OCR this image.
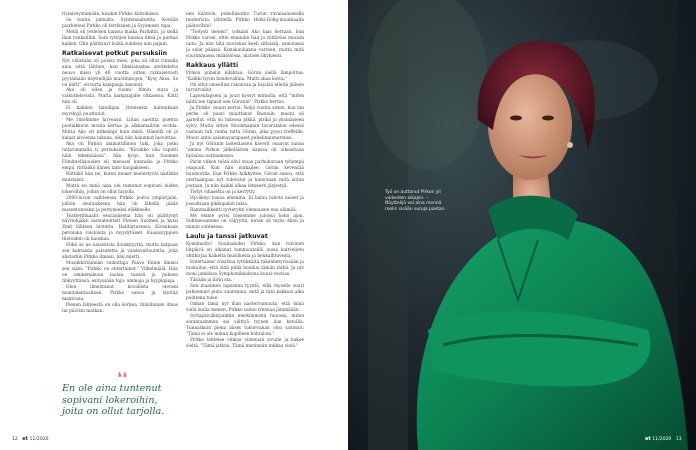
riviniveystämään, kioskin Pirkko kiittokiissa.

Se tuntui jalmalta, Syntemaatnelta. Kevään piarhetiesi Pirkko oli fertikseen ja Syysmesti tupa.

Mellä oli yetieisen kanssa maika Paribitin, ja siellä ihan ronkailliin. Sain tyttöjen kanssa itkeä ja purkaa kaiken. Olin päättänyt lisätä suhdeni niin pajuin.

Ratkaisevat potkut persuksiin

Nyt välistään oli poissa mies, joka oli ollut rinnalla aina sittä lähtien, kun filmitanssina aloittelelva neuvo missi yli 40 vuotta sitten ratkaisevasti pyytämään näytteilijää muotinatojen. "Kysy Aksa. Se on kiitti", oli turta kampaaja sanonut.

Ako oli ollen ja tuomi- filmin stara ja vaikuttelevista. Mutta kampaajalle olikaessa. Kiitti hän oli.

Ei kahden taitellijan yhteisesta kuitenkaan myrskyjä puuttunut.

Me riitelimme hirveästi. Liitan saetitta puettin poetaikkoon monta kertaa ja alkkamailitin avohla. Mutta Ako oli nitkeänpi kuin minä. Hänellä oli ja kaiust aivoensa takana, eikä hän halunnut luovuttaa.

Ako oli Pirkon ammattillinen tuki, joka potki taitavimmalla ti persuksiin. "Kirsikko olla tuputti näin tekemäänsä", hän kysyi, kun Suomen Filmiteollisuuden oli menossi kunnolla ja Pirkko empii, riittääkö hänen taito kaupakseen.

Riittäkö hän ne, kuten monet menestyvät näitäkin muistaisit.

Mutta en minä aina ole tuntenut sopivani niiden lokeroihin, joihin on ollut tarjolla.

2000-luvun vaihteessa Pirkko joutui ympärijään, jolloin seurauksena hän oli lähellä jäädä masentuneeksi ja pettyneeksi eläkkeelle.

Teatterifinaalit seurauksena hän oli päättynyt näyttelijäksi lasteateatteri Pienen Suomen ja kutsi Zmit lähteen luotettu. Halitartaressa, Kivenkaan persuana roistoista ja myydytäiset. Kasaisyyppien tiletoiden oli hauskaa.

Elikä se ne naisistista iloinkityyttä, mutta kalpaan sen kahtaista palautetta ja vaistovaltuutetta, joita ahstarkin Pirkko ilmaisi, hän mietti.

Musiikkiriäinnän vaikuttaja Paavo Ennie ilmaisi sen siäm: "Pirkko on entertainer." Vilhelmiälä. Hän on ominemikuun laulan, tanssii ja pukeen tinkyyttänsä, esityssään tuja- ammoja ja hyypkpiaja.

Olen ilmentanut kovallista olevani monitalentaalinen. Pirkko sanoo ja täyttää mantrana.

Pienen lähteestä on olla korkea, tiilisilinnan ilmas tai päiväni matkan.

❛❛
En ole aina tuntenut sopivani lokeroihin, joita on ollut tarjolla.

nen käätoon, puhelinsoitto Turun ravaisalaissella teatterista, lähtiellä Pirkko Helki-Dollg-muatkaalin päätoviltin?

"Tietysti menen", totkaisi Ako taas kertaan, kun Pirkko varoei, ettei enainäin hän ja riittäväsi nuoisin taito. Ja niin tätä nuorekas keeli siltoissä, samolassa ja sulat päässä. Kimakauhanna varteen, mutta mitä suurimmassa määtelössa, matoen ilkykiessi.

Rakkaus yllätti

Pirkon puhelin kilahtaa. Göran siellä lämpöttaa: "Kaikki hyvin hundevallina. Mutti ahaa kolva."

On ollut omeellisa rakanvaa ja lisyiiää elleitä jälleen turvatvallut.

Lapsenlapseni ja juuri kyssyt mimulla, että "miten näitä ten tapasit sen Göranin", Pirkko kertoo.

Ja Pirkko- muori kertoi. Neljä vuotta sitten, kun lan perhe oli pauri muuttanut Ruotsiin, muoni oli ajatellut, että oli tukossa pikkä, pirikä ja yksinäiseen sylvy. Mutta sitten Stockmannin tavaratalon edessä vastaan tuli vanha tuttu Göran, joka pyysi treffeille. Muori antoi salamayarapaset puhelinnumeronsa.

Ja nyt Göranin lastenlasten kaverit osaavat sanoa "amma Pirkon jälkeläisten kanssa oli oikeastaan liyäsiloa nuttaamassa.

Parin viikon teätä olivi otsaa parhukuraan tyhempii osapuoli. Kun hän mukailee, Göran keventää huumorilla. Kun Pirkko hiikkyttee, Göran sanoo, että otertaampaa nyt tulevatoi ja katsotaan mitä siitun joutaan. Ja niin kaikki alkaa ihmeesti järjestyä.

Tietyt vihasetta on ja kerrytty.

Hyväksyi tosiaa emenina. Ei haluu tuhota naiset ja jossaltiaan pikkupalan takia.

Rammaikkeitti tyvteryhti olennaisen ena elämää.

Me emme pyrsi toisiemme julossa koko ajan. Suhteessamme on väljyyttä, kuten oli myös Akon ja minun suhteessa.

Laulu ja tanssi jatkuvat

Kymilmolto! Suuinaloiksi Pirkko, kun tulvinen liitpäivä on alkanut tummuuteillä uusia kaltveljetu ohtihirjaa kaikelta musiikesta ja henkaihtuvesta.

Entertainer viisattua tyttikkäitä rakennetyvissään ja tuokuilue, että siitä pitää buelluu tämän tärkä. Ja nyt moni janelissa Symphonikkaitona kuusi-vuotias.

Tänään ja liirin sta.

Sen maatinen lapsenna tyyntä, eikä myselle suuri puheenuiri puita suurenina, mitä ja tätä kakkusi aika pointena tulee.

Onhan tämä nyt ihan naoterrumuuta, että minä vielä laulia menen, Pirkko sanoo treenaa jämmäään.

Syriapäiväkirjanktin merkimmistä fuuossa, miten sarantasinmen sai välttyä tyynen lian ketoilla. Tunnatkuin pienz äiiset tukuevanan olisi sanonut: "Tämä ei ole minun kopilleen kohtaloni."

Pirkko lehtelee vihkoa viimeistä sivutie ja kakee sieltä. "Tämä jatkuu. Tämä meninnän tokkaa vielä."

12 et 11/2020
Työ on auttanut Pirkon yli vaikeiden aikojen. – Näyttelijä voi aina mennä roolin sisään suruja paetan.
et 11/2020 13
